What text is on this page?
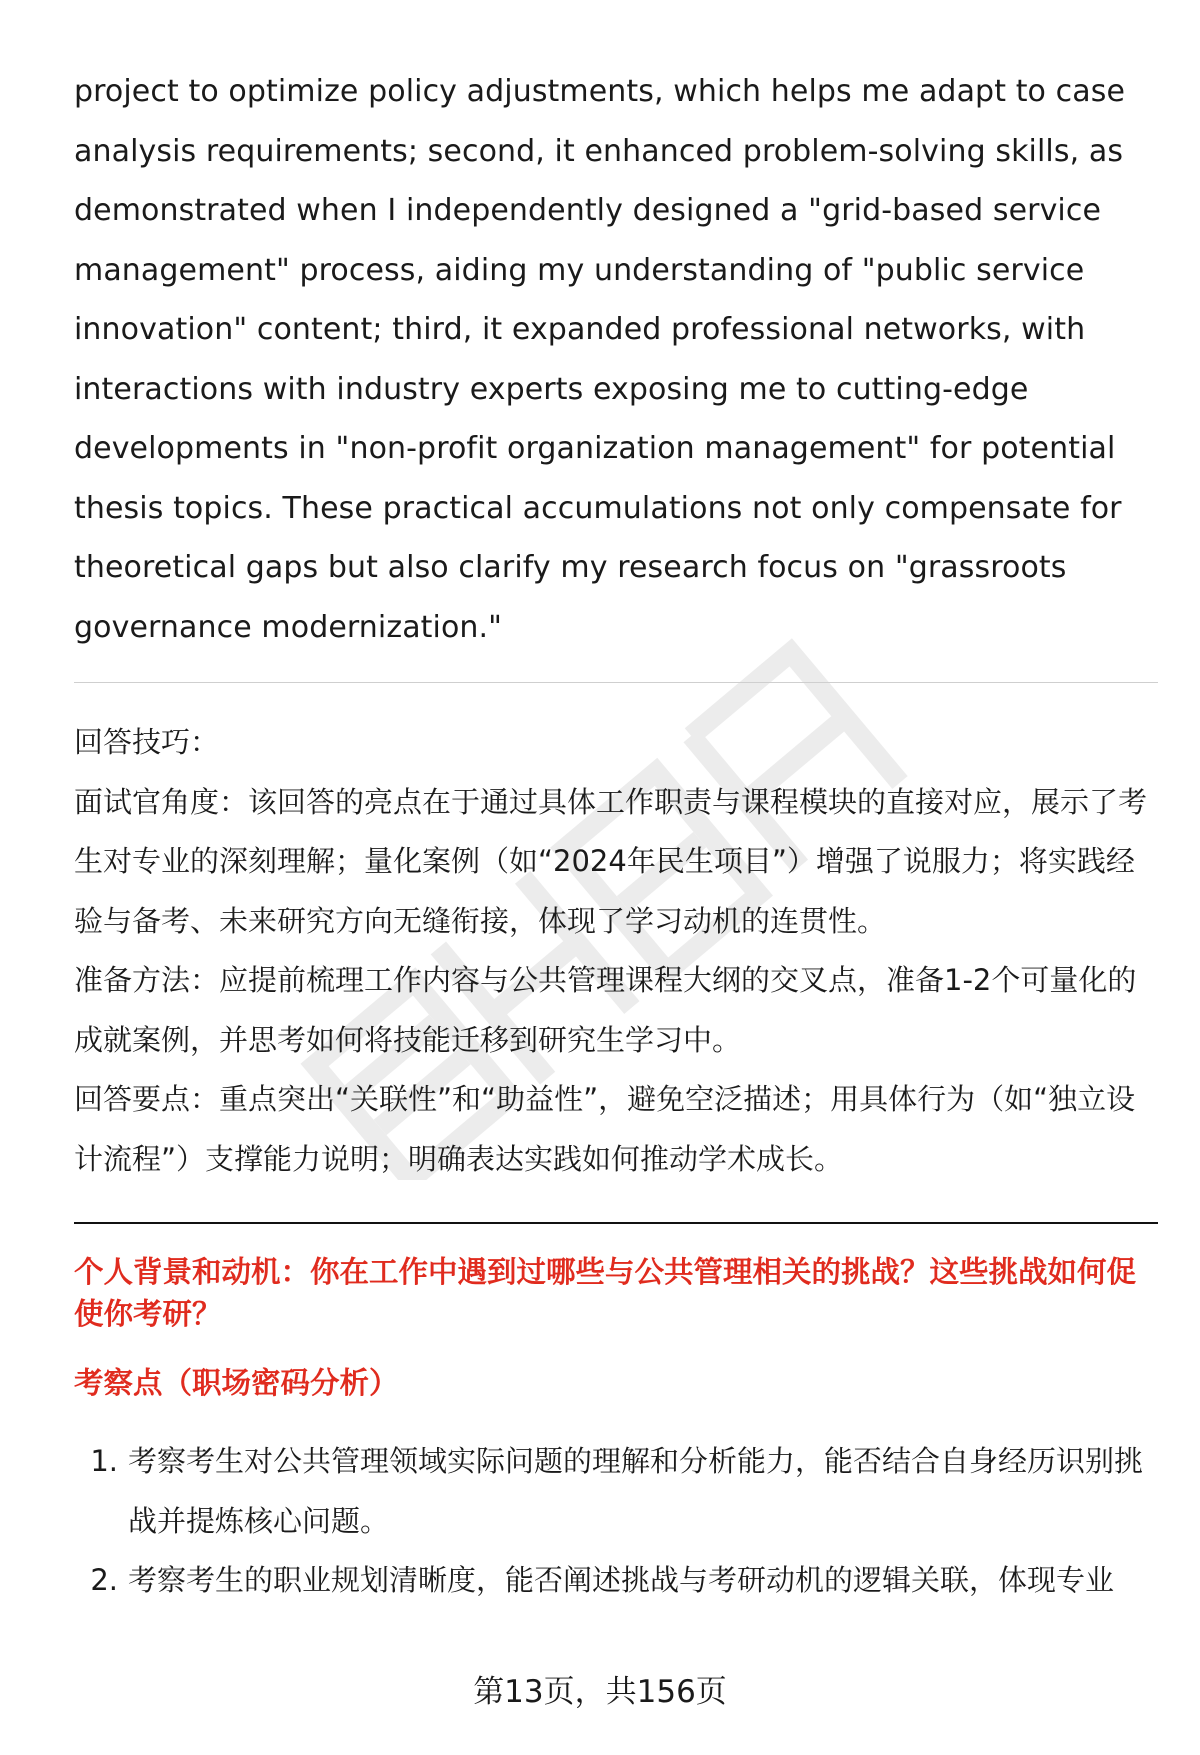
project to optimize policy adjustments, which helps me adapt to case analysis requirements; second, it enhanced problem-solving skills, as demonstrated when I independently designed a "grid-based service management" process, aiding my understanding of "public service innovation" content; third, it expanded professional networks, with interactions with industry experts exposing me to cutting-edge developments in "non-profit organization management" for potential thesis topics. These practical accumulations not only compensate for theoretical gaps but also clarify my research focus on "grassroots governance modernization."

回答技巧：

面试官角度：该回答的亮点在于通过具体工作职责与课程模块的直接对应，展示了考生对专业的深刻理解；量化案例（如“2024年民生项目”）增强了说服力；将实践经验与备考、未来研究方向无缝衔接，体现了学习动机的连贯性。

准备方法：应提前梳理工作内容与公共管理课程大纲的交叉点，准备1-2个可量化的成就案例，并思考如何将技能迁移到研究生学习中。

回答要点：重点突出“关联性”和“助益性”，避免空泛描述；用具体行为（如“独立设计流程”）支撑能力说明；明确表达实践如何推动学术成长。

个人背景和动机：你在工作中遇到过哪些与公共管理相关的挑战？这些挑战如何促使你考研？

考察点（职场密码分析）

1. 考察考生对公共管理领域实际问题的理解和分析能力，能否结合自身经历识别挑战并提炼核心问题。
2. 考察考生的职业规划清晰度，能否阐述挑战与考研动机的逻辑关联，体现专业
第13页，共156页
